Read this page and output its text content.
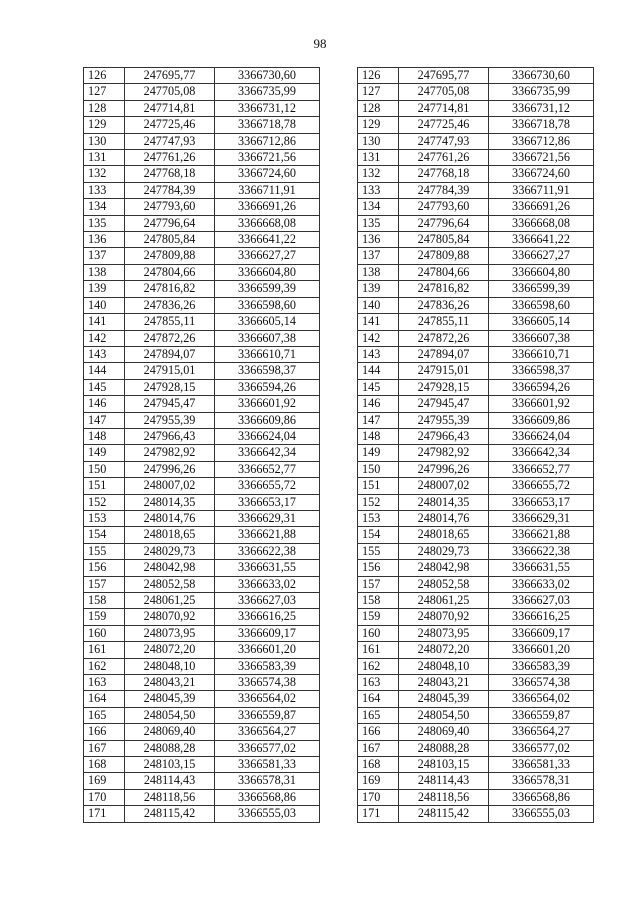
98
126	247695,77	3366730,60
127	247705,08	3366735,99
128	247714,81	3366731,12
129	247725,46	3366718,78
130	247747,93	3366712,86
131	247761,26	3366721,56
132	247768,18	3366724,60
133	247784,39	3366711,91
134	247793,60	3366691,26
135	247796,64	3366668,08
136	247805,84	3366641,22
137	247809,88	3366627,27
138	247804,66	3366604,80
139	247816,82	3366599,39
140	247836,26	3366598,60
141	247855,11	3366605,14
142	247872,26	3366607,38
143	247894,07	3366610,71
144	247915,01	3366598,37
145	247928,15	3366594,26
146	247945,47	3366601,92
147	247955,39	3366609,86
148	247966,43	3366624,04
149	247982,92	3366642,34
150	247996,26	3366652,77
151	248007,02	3366655,72
152	248014,35	3366653,17
153	248014,76	3366629,31
154	248018,65	3366621,88
155	248029,73	3366622,38
156	248042,98	3366631,55
157	248052,58	3366633,02
158	248061,25	3366627,03
159	248070,92	3366616,25
160	248073,95	3366609,17
161	248072,20	3366601,20
162	248048,10	3366583,39
163	248043,21	3366574,38
164	248045,39	3366564,02
165	248054,50	3366559,87
166	248069,40	3366564,27
167	248088,28	3366577,02
168	248103,15	3366581,33
169	248114,43	3366578,31
170	248118,56	3366568,86
171	248115,42	3366555,03
126	247695,77	3366730,60
127	247705,08	3366735,99
128	247714,81	3366731,12
129	247725,46	3366718,78
130	247747,93	3366712,86
131	247761,26	3366721,56
132	247768,18	3366724,60
133	247784,39	3366711,91
134	247793,60	3366691,26
135	247796,64	3366668,08
136	247805,84	3366641,22
137	247809,88	3366627,27
138	247804,66	3366604,80
139	247816,82	3366599,39
140	247836,26	3366598,60
141	247855,11	3366605,14
142	247872,26	3366607,38
143	247894,07	3366610,71
144	247915,01	3366598,37
145	247928,15	3366594,26
146	247945,47	3366601,92
147	247955,39	3366609,86
148	247966,43	3366624,04
149	247982,92	3366642,34
150	247996,26	3366652,77
151	248007,02	3366655,72
152	248014,35	3366653,17
153	248014,76	3366629,31
154	248018,65	3366621,88
155	248029,73	3366622,38
156	248042,98	3366631,55
157	248052,58	3366633,02
158	248061,25	3366627,03
159	248070,92	3366616,25
160	248073,95	3366609,17
161	248072,20	3366601,20
162	248048,10	3366583,39
163	248043,21	3366574,38
164	248045,39	3366564,02
165	248054,50	3366559,87
166	248069,40	3366564,27
167	248088,28	3366577,02
168	248103,15	3366581,33
169	248114,43	3366578,31
170	248118,56	3366568,86
171	248115,42	3366555,03
